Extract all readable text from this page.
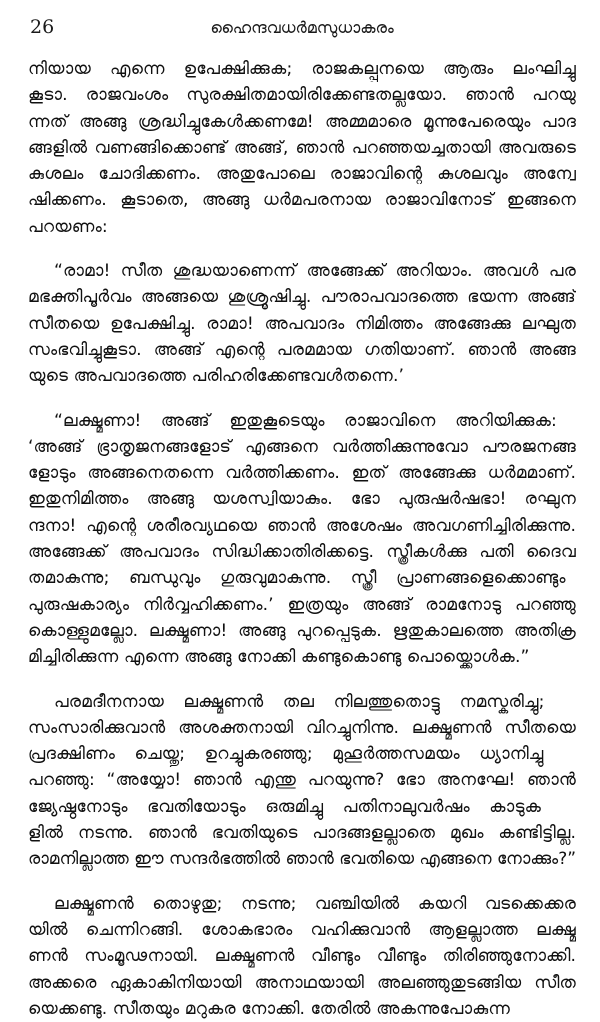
26	ഹൈന്ദവധർമസുധാകരം
നിയായ എന്നെ ഉപേക്ഷിക്കുക; രാജകല്പ്പനയെ ആരും ലംഘിച്ചു
കൂടാ. രാജവംശം സുരക്ഷിതമായിരിക്കേണ്ടതല്ലയോ. ഞാൻ പറയു
ന്നത് അങ്ങു ശ്രദ്ധിച്ചുകേൾക്കണമേ! അമ്മമാരെ മൂന്നുപേരെയും പാദ
ങ്ങളിൽ വണങ്ങിക്കൊണ്ട് അങ്ങ്, ഞാൻ പറഞ്ഞയച്ചതായി അവരുടെ
കുശലം ചോദിക്കണം. അതുപോലെ രാജാവിന്റെ കുശലവും അന്വേ
ഷിക്കണം. കൂടാതെ, അങ്ങു ധർമപരനായ രാജാവിനോട് ഇങ്ങനെ
പറയണം:
“രാമാ! സീത ശുദ്ധയാണെന്ന് അങ്ങേക്ക് അറിയാം. അവൾ പര
മഭക്തിപൂർവം അങ്ങയെ ശുശ്രൂഷിച്ചു. പൗരാപവാദത്തെ ഭയന്ന അങ്ങ്
സീതയെ ഉപേക്ഷിച്ചു. രാമാ! അപവാദം നിമിത്തം അങ്ങേക്കു ലഘുത
സംഭവിച്ചുകൂടാ. അങ്ങ് എന്റെ പരമമായ ഗതിയാണ്. ഞാൻ അങ്ങ
യുടെ അപവാദത്തെ പരിഹരിക്കേണ്ടവൾതന്നെ.’
“ലക്ഷ്മണാ! അങ്ങ് ഇതുകൂടെയും രാജാവിനെ അറിയിക്കുക:
‘അങ്ങ് ഭ്രാതൃജനങ്ങളോട് എങ്ങനെ വർത്തിക്കുന്നുവോ പൗരജനങ്ങ
ളോടും അങ്ങനെതന്നെ വർത്തിക്കണം. ഇത് അങ്ങേക്കു ധർമമാണ്.
ഇതുനിമിത്തം അങ്ങു യശസ്വിയാകും. ഭോ പുരുഷർഷഭാ! രഘുന
ന്ദനാ! എന്റെ ശരീരവ്യഥയെ ഞാൻ അശേഷം അവഗണിച്ചിരിക്കുന്നു.
അങ്ങേക്ക് അപവാദം സിദ്ധിക്കാതിരിക്കട്ടെ. സ്ത്രീകൾക്കു പതി ദൈവ
തമാകുന്നു; ബന്ധുവും ഗുരുവുമാകുന്നു. സ്ത്രീ പ്രാണങ്ങളെക്കൊണ്ടും
പുരുഷകാര്യം നിർവ്വഹിക്കണം.’ ഇത്രയും അങ്ങ് രാമനോടു പറഞ്ഞു
കൊള്ളുമല്ലോ. ലക്ഷ്മണാ! അങ്ങു പുറപ്പെടുക. ഋതുകാലത്തെ അതിക്ര
മിച്ചിരിക്കുന്ന എന്നെ അങ്ങു നോക്കി കണ്ടുകൊണ്ടു പൊയ്ക്കൊൾക.”
പരമദീനനായ ലക്ഷ്മണൻ തല നിലത്തുതൊട്ടു നമസ്കരിച്ചു;
സംസാരിക്കുവാൻ അശക്തനായി വിറച്ചുനിന്നു. ലക്ഷ്മണൻ സീതയെ
പ്രദക്ഷിണം ചെയ്തു; ഉറച്ചുകരഞ്ഞു; മുഹൂർത്തസമയം ധ്യാനിച്ചു
പറഞ്ഞു: “അയ്യോ! ഞാൻ എന്തു പറയുന്നു? ഭോ അനഘേ! ഞാൻ
ജ്യേഷ്ഠനോടും ഭവതിയോടും ഒരുമിച്ചു പതിനാലുവർഷം കാടുക
ളിൽ നടന്നു. ഞാൻ ഭവതിയുടെ പാദങ്ങളല്ലാതെ മുഖം കണ്ടിട്ടില്ല.
രാമനില്ലാത്ത ഈ സന്ദർഭത്തിൽ ഞാൻ ഭവതിയെ എങ്ങനെ നോക്കും?”
ലക്ഷ്മണൻ തൊഴുതു; നടന്നു; വഞ്ചിയിൽ കയറി വടക്കെക്കര
യിൽ ചെന്നിറങ്ങി. ശോകഭാരം വഹിക്കുവാൻ ആളല്ലാത്ത ലക്ഷ്മ
ണൻ സംമൂഢനായി. ലക്ഷ്മണൻ വീണ്ടും വീണ്ടും തിരിഞ്ഞുനോക്കി.
അക്കരെ ഏകാകിനിയായി അനാഥയായി അലഞ്ഞുതുടങ്ങിയ സീത
യെക്കണ്ടു. സീതയും മറുകര നോക്കി. തേരിൽ അകന്നുപോകുന്ന
